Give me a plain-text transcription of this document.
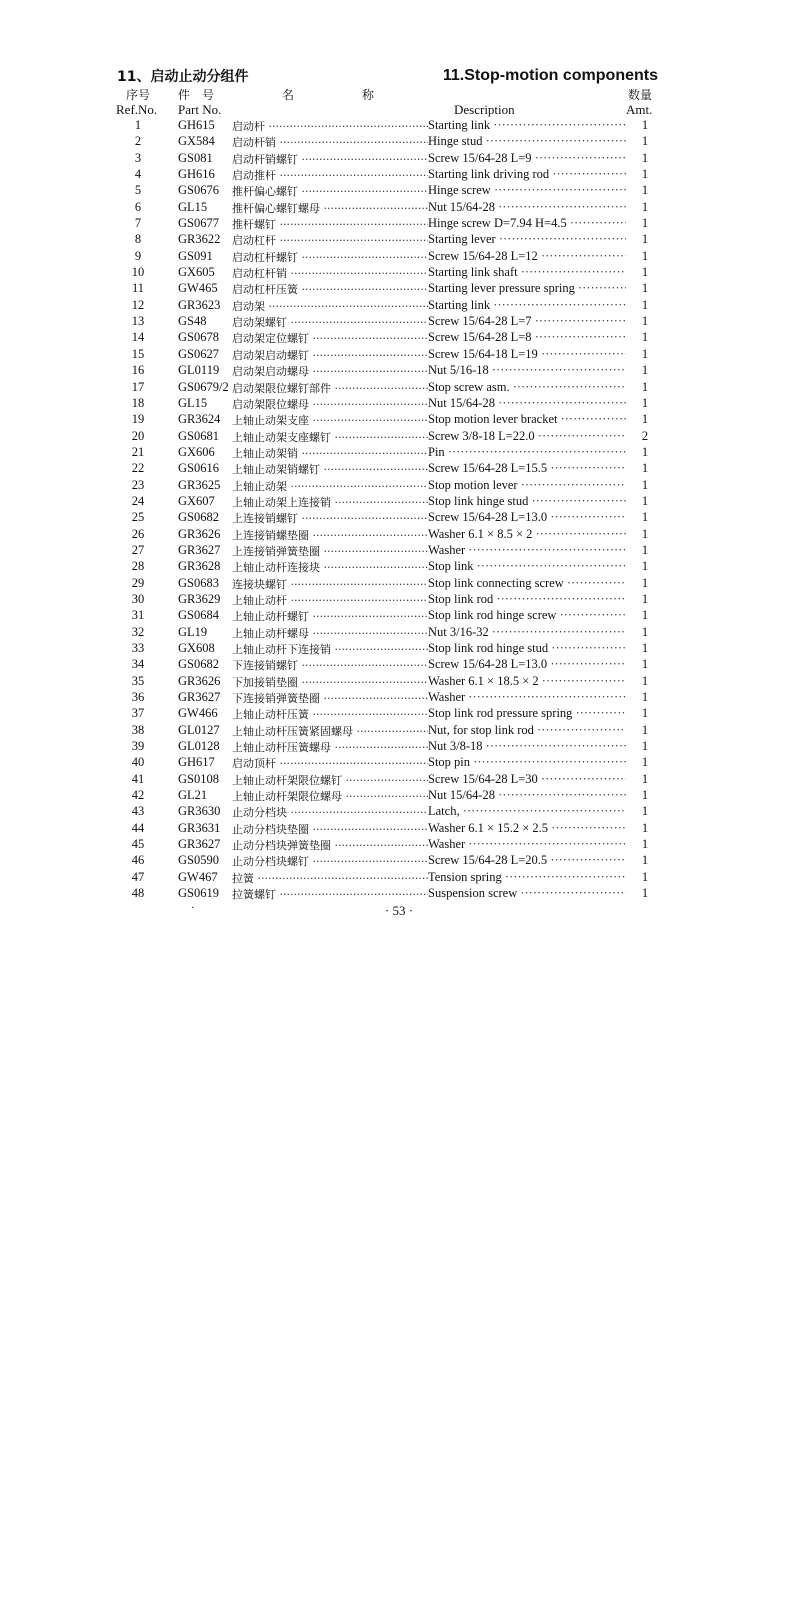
11、启动止动分组件	11.Stop-motion components
序号 件　号	名	称	数量
Ref.No. Part No.	Description	Amt.
1	GH615 启动杆 ·····	Starting link ·····	1
2	GX584 启动杆销 ·····	Hinge stud ·····	1
3	GS081 启动杆销螺钉 ·····	Screw 15/64-28 L=9 ·····	1
4	GH616 启动推杆 ·····	Starting link driving rod ·····	1
5	GS0676 推杆偏心螺钉 ·····	Hinge screw ·····	1
6	GL15 推杆偏心螺钉螺母 ·····	Nut 15/64-28 ·····	1
7	GS0677 推杆螺钉 ·····	Hinge screw D=7.94 H=4.5 ·····	1
8	GR3622 启动杠杆 ·····	Starting lever ·····	1
9	GS091 启动杠杆螺钉 ·····	Screw 15/64-28 L=12 ·····	1
10	GX605 启动杠杆销 ·····	Starting link shaft ·····	1
11	GW465 启动杠杆压簧 ·····	Starting lever pressure spring ·····	1
12	GR3623 启动架 ·····	Starting link ·····	1
13	GS48 启动架螺钉 ·····	Screw 15/64-28 L=7 ·····	1
14	GS0678 启动架定位螺钉 ·····	Screw 15/64-28 L=8 ·····	1
15	GS0627 启动架启动螺钉 ·····	Screw 15/64-18 L=19 ·····	1
16	GL0119 启动架启动螺母 ·····	Nut 5/16-18 ·····	1
17	GS0679/2 启动架限位螺钉部件 ·····	Stop screw asm. ·····	1
18	GL15 启动架限位螺母 ·····	Nut 15/64-28 ·····	1
19	GR3624 上轴止动架支座 ·····	Stop motion lever bracket ·····	1
20	GS0681 上轴止动架支座螺钉 ·····	Screw 3/8-18 L=22.0 ·····	2
21	GX606 上轴止动架销 ·····	Pin ·····	1
22	GS0616 上轴止动架销螺钉 ·····	Screw 15/64-28 L=15.5 ·····	1
23	GR3625 上轴止动架 ·····	Stop motion lever ·····	1
24	GX607 上轴止动架上连接销 ·····	Stop link hinge stud ·····	1
25	GS0682 上连接销螺钉 ·····	Screw 15/64-28 L=13.0 ·····	1
26	GR3626 上连接销螺垫圈 ·····	Washer 6.1 × 8.5 × 2 ·····	1
27	GR3627 上连接销弹簧垫圈 ·····	Washer ·····	1
28	GR3628 上轴止动杆连接块 ·····	Stop link ·····	1
29	GS0683 连接块螺钉 ·····	Stop link connecting screw ·····	1
30	GR3629 上轴止动杆 ·····	Stop link rod ·····	1
31	GS0684 上轴止动杆螺钉 ·····	Stop link rod hinge screw ·····	1
32	GL19 上轴止动杆螺母 ·····	Nut 3/16-32 ·····	1
33	GX608 上轴止动杆下连接销 ·····	Stop link rod hinge stud ·····	1
34	GS0682 下连接销螺钉 ·····	Screw 15/64-28 L=13.0 ·····	1
35	GR3626 下加接销垫圈 ·····	Washer 6.1 × 18.5 × 2 ·····	1
36	GR3627 下连接销弹簧垫圈 ·····	Washer ·····	1
37	GW466 上轴止动杆压簧 ·····	Stop link rod pressure spring ·····	1
38	GL0127 上轴止动杆压簧紧固螺母 ·····	Nut, for stop link rod ·····	1
39	GL0128 上轴止动杆压簧螺母 ·····	Nut 3/8-18 ·····	1
40	GH617 启动顶杆 ·····	Stop pin ·····	1
41	GS0108 上轴止动杆架限位螺钉 ·····	Screw 15/64-28 L=30 ·····	1
42	GL21 上轴止动杆架限位螺母 ·····	Nut 15/64-28 ·····	1
43	GR3630 止动分档块 ·····	Latch, ·····	1
44	GR3631 止动分档块垫圈 ·····	Washer 6.1 × 15.2 × 2.5 ·····	1
45	GR3627 止动分档块弹簧垫圈 ·····	Washer ·····	1
46	GS0590 止动分档块螺钉 ·····	Screw 15/64-28 L=20.5 ·····	1
47	GW467 拉簧 ·····	Tension spring ·····	1
48	GS0619 拉簧螺钉 ·····	Suspension screw ·····	1
·	· 53 ·
